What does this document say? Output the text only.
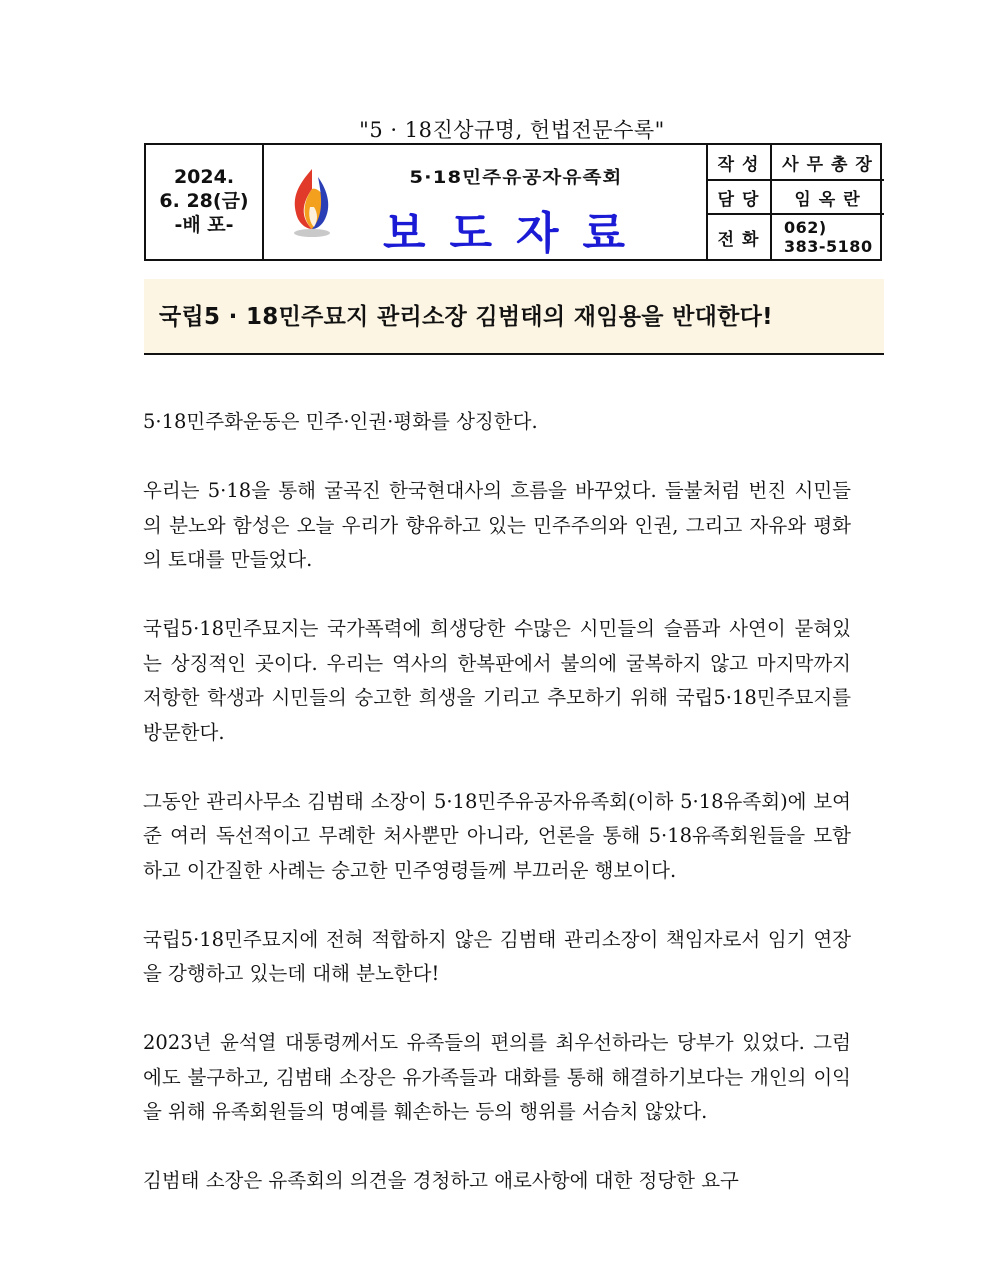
"5 · 18진상규명, 헌법전문수록"
2024.
6. 28(금)
-배 포-
5·18민주유공자유족회
보도자료
작성 사무총장
담당	임옥란
전화
062)
383-5180
국립5 · 18민주묘지 관리소장 김범태의 재임용을 반대한다!

5·18민주화운동은 민주·인권·평화를 상징한다.

우리는 5·18을 통해 굴곡진 한국현대사의 흐름을 바꾸었다. 들불처럼 번진 시민들의 분노와 함성은 오늘 우리가 향유하고 있는 민주주의와 인권, 그리고 자유와 평화의 토대를 만들었다.

국립5·18민주묘지는 국가폭력에 희생당한 수많은 시민들의 슬픔과 사연이 묻혀있는 상징적인 곳이다. 우리는 역사의 한복판에서 불의에 굴복하지 않고 마지막까지 저항한 학생과 시민들의 숭고한 희생을 기리고 추모하기 위해 국립5·18민주묘지를 방문한다.

그동안 관리사무소 김범태 소장이 5·18민주유공자유족회(이하 5·18유족회)에 보여준 여러 독선적이고 무례한 처사뿐만 아니라, 언론을 통해 5·18유족회원들을 모함하고 이간질한 사례는 숭고한 민주영령들께 부끄러운 행보이다.

국립5·18민주묘지에 전혀 적합하지 않은 김범태 관리소장이 책임자로서 임기 연장을 강행하고 있는데 대해 분노한다!

2023년 윤석열 대통령께서도 유족들의 편의를 최우선하라는 당부가 있었다. 그럼에도 불구하고, 김범태 소장은 유가족들과 대화를 통해 해결하기보다는 개인의 이익을 위해 유족회원들의 명예를 훼손하는 등의 행위를 서슴치 않았다.

김범태 소장은 유족회의 의견을 경청하고 애로사항에 대한 정당한 요구
